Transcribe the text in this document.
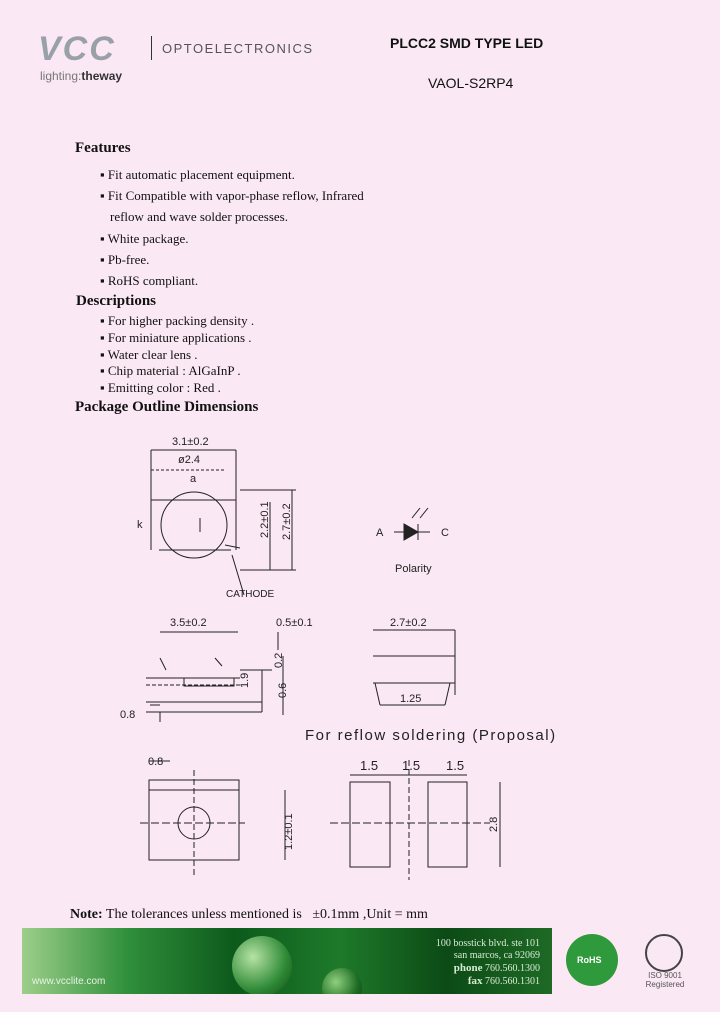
VCC	OPTOELECTRONICS
lighting:theway
PLCC2 SMD TYPE LED
VAOL-S2RP4
Features
▪ Fit automatic placement equipment.
▪ Fit Compatible with vapor-phase reflow, Infrared
reflow and wave solder processes.
▪ White package.
▪ Pb-free.
▪ RoHS compliant.
Descriptions
▪ For higher packing density .
▪ For miniature applications .
▪ Water clear lens .
▪ Chip material : AlGaInP .
▪ Emitting color : Red .
Package Outline Dimensions
3.1±0.2
ø2.4
a
k	2.2±0.1 2.7±0.2
CATHODE
Polarity
A	C
3.5±0.2	0.5±0.1
0.2
1.9
0.6
0.8
2.7±0.2
1.25
For reflow soldering (Proposal)
0.8
1.2±0.1
1.5 1.5 1.5
2.8
Note: The tolerances unless mentioned is ±0.1mm ,Unit = mm
www.vcclite.com
100 bosstick blvd. ste 101
san marcos, ca 92069
phone 760.560.1300
fax 760.560.1301
RoHS
ISO 9001
Registered
